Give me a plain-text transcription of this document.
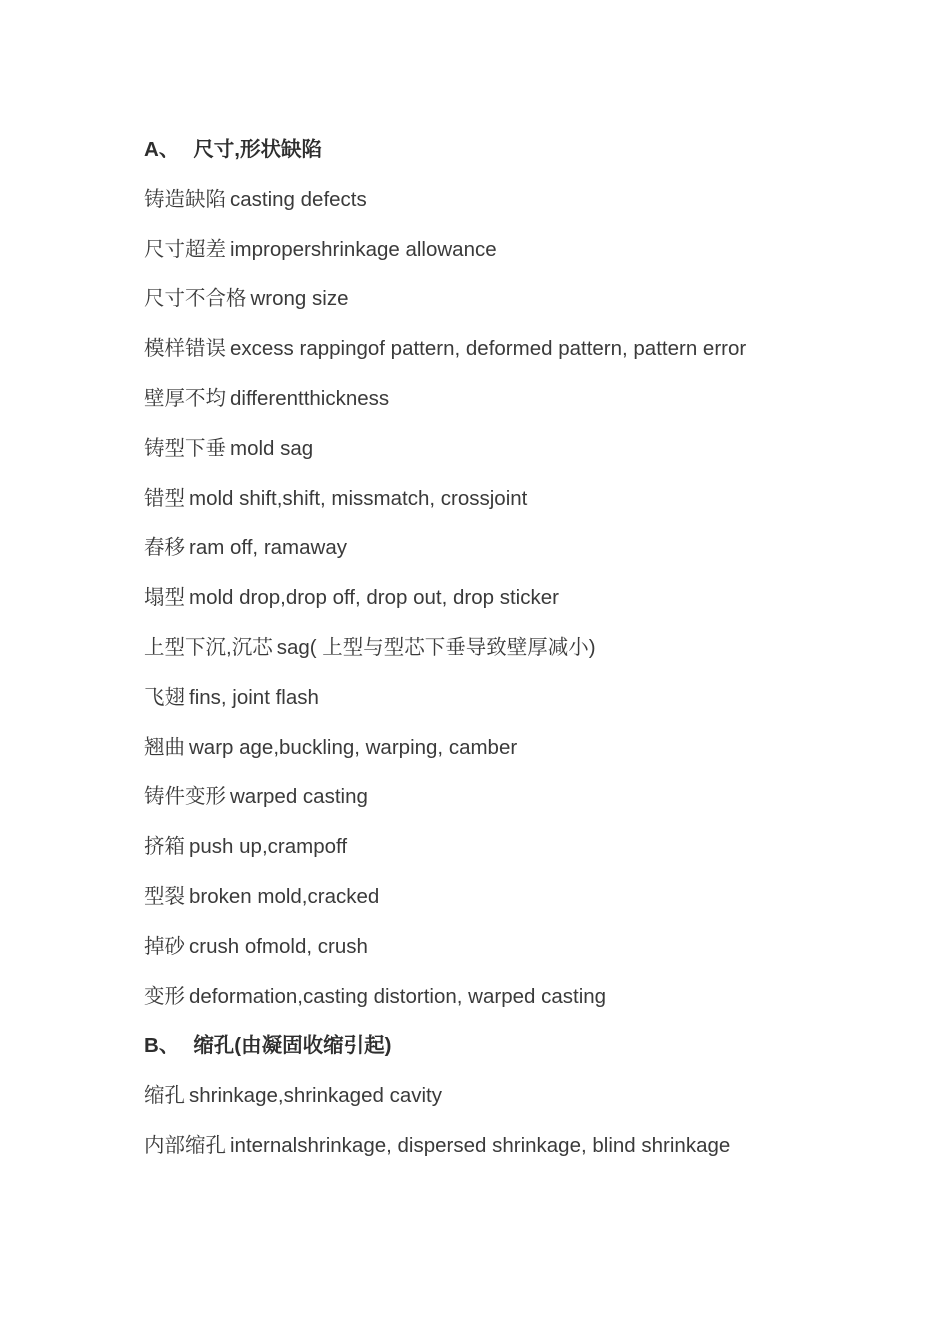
A、 尺寸,形状缺陷
铸造缺陷 casting defects
尺寸超差 impropershrinkage allowance
尺寸不合格 wrong size
模样错误 excess rappingof pattern, deformed pattern, pattern error
壁厚不均 differentthickness
铸型下垂 mold sag
错型 mold shift,shift, missmatch, crossjoint
舂移 ram off, ramaway
塌型 mold drop,drop off, drop out, drop sticker
上型下沉,沉芯 sag( 上型与型芯下垂导致壁厚减小)
飞翅 fins, joint flash
翘曲 warp age,buckling, warping, camber
铸件变形 warped casting
挤箱 push up,crampoff
型裂 broken mold,cracked
掉砂 crush ofmold, crush
变形 deformation,casting distortion, warped casting
B、 缩孔(由凝固收缩引起)
缩孔 shrinkage,shrinkaged cavity
内部缩孔 internalshrinkage, dispersed shrinkage, blind shrinkage
